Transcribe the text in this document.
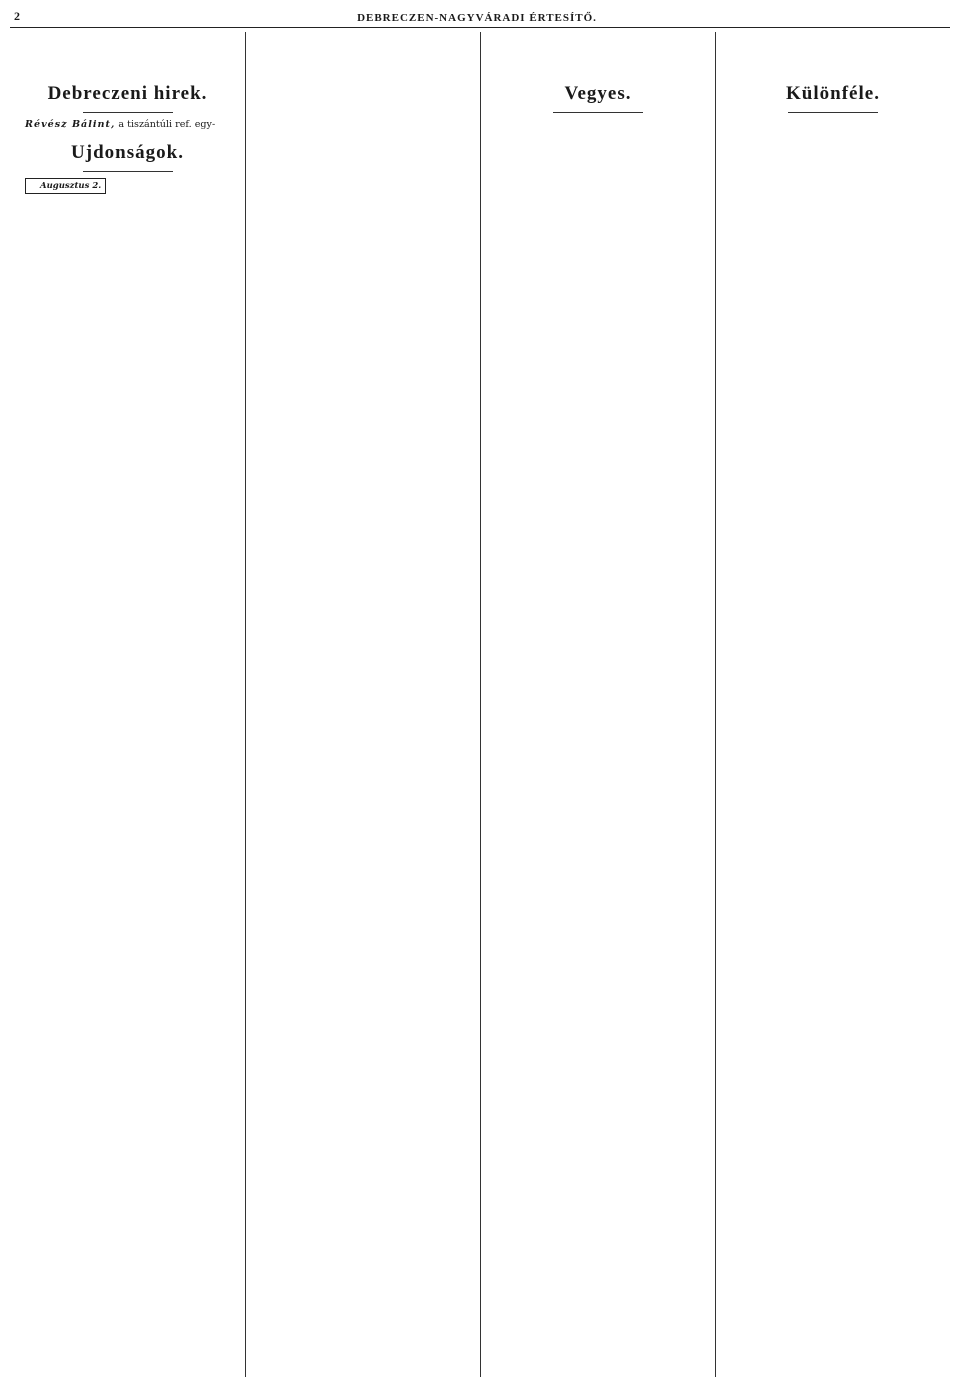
2	DEBRECZEN-NAGYVÁRADI ÉRTESÍTŐ.

Debreczeni hirek.

Révész Bálint, a tiszántúli ref. egy-

Ujdonságok.

Augusztus 2.

Vegyes.	Különféle.
